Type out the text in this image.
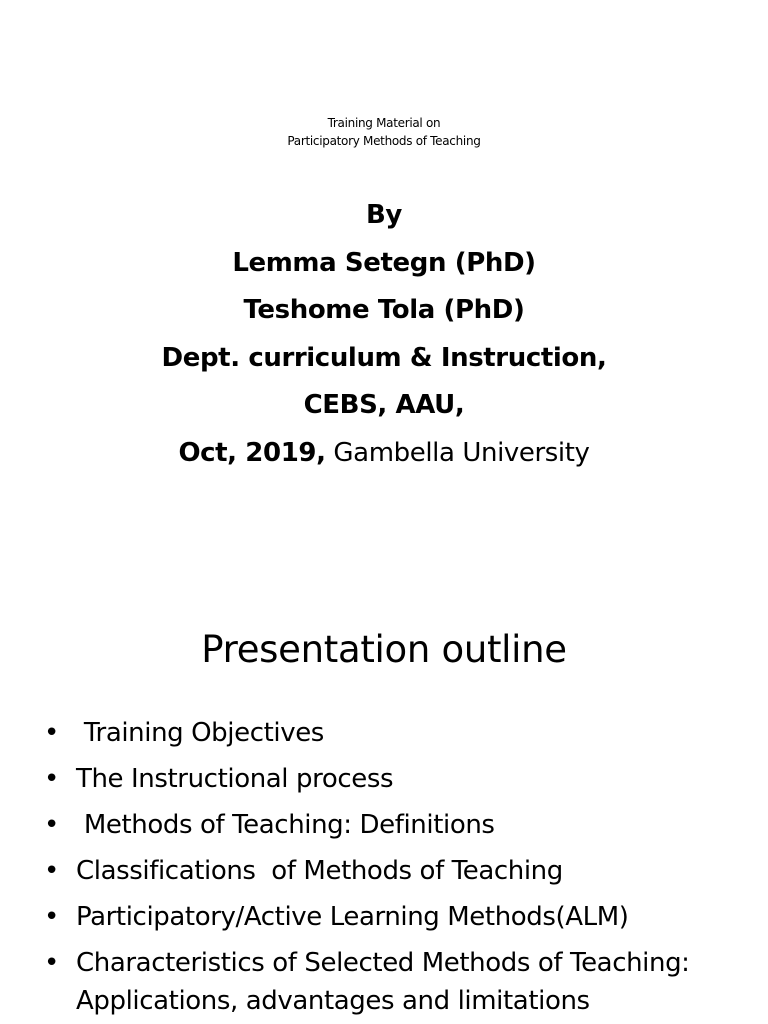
Training Material on
Participatory Methods of Teaching
By
Lemma Setegn (PhD)
Teshome Tola (PhD)
Dept. curriculum & Instruction,
CEBS, AAU,
Oct, 2019, Gambella University
Presentation outline
• Training Objectives
• The Instructional process
• Methods of Teaching: Definitions
• Classifications  of Methods of Teaching
• Participatory/Active Learning Methods(ALM)
• Characteristics of Selected Methods of Teaching:
Applications, advantages and limitations
